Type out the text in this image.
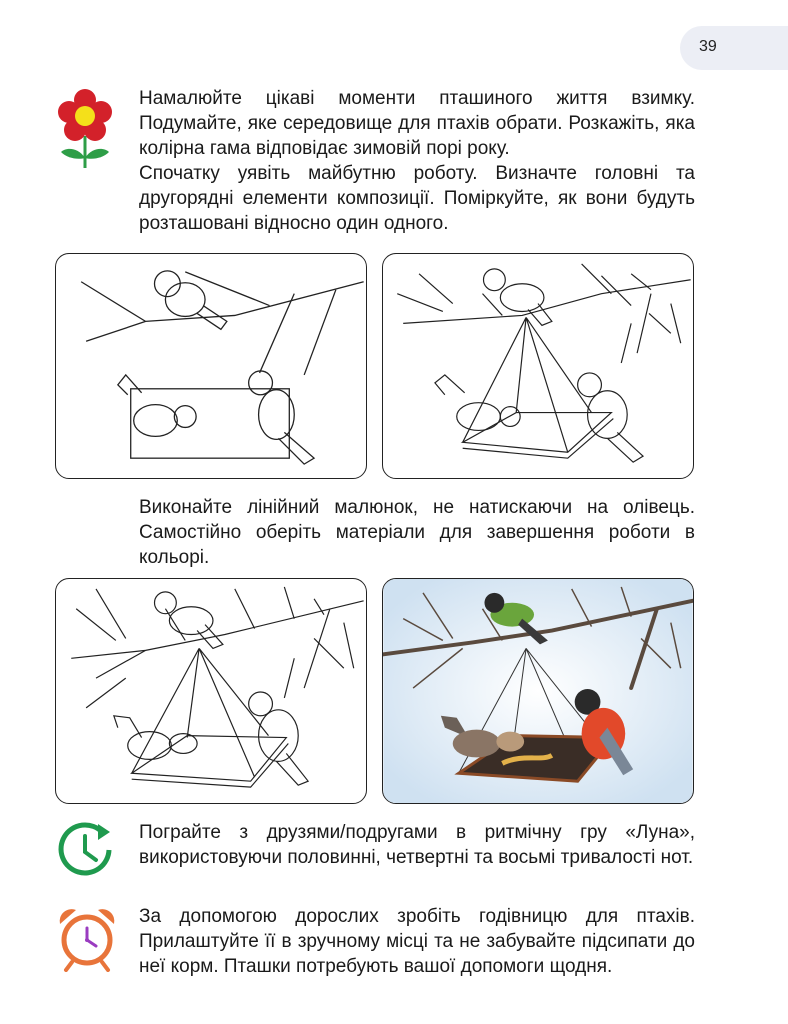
39

Намалюйте цікаві моменти пташиного життя взимку. Подумайте, яке середовище для птахів обрати. Розкажіть, яка колірна гама відповідає зимовій порі року.

Спочатку уявіть майбутню роботу. Визначте головні та другорядні елементи композиції. Поміркуйте, як вони будуть розташовані відносно один одного.

Виконайте лінійний малюнок, не натискаючи на олівець. Самостійно оберіть матеріали для завершення роботи в кольорі.

Пограйте з друзями/подругами в ритмічну гру «Луна», використовуючи половинні, четвертні та восьмі тривалості нот.

За допомогою дорослих зробіть годівницю для птахів. Прилаштуйте її в зручному місці та не забувайте підсипати до неї корм. Пташки потребують вашої допомоги щодня.
